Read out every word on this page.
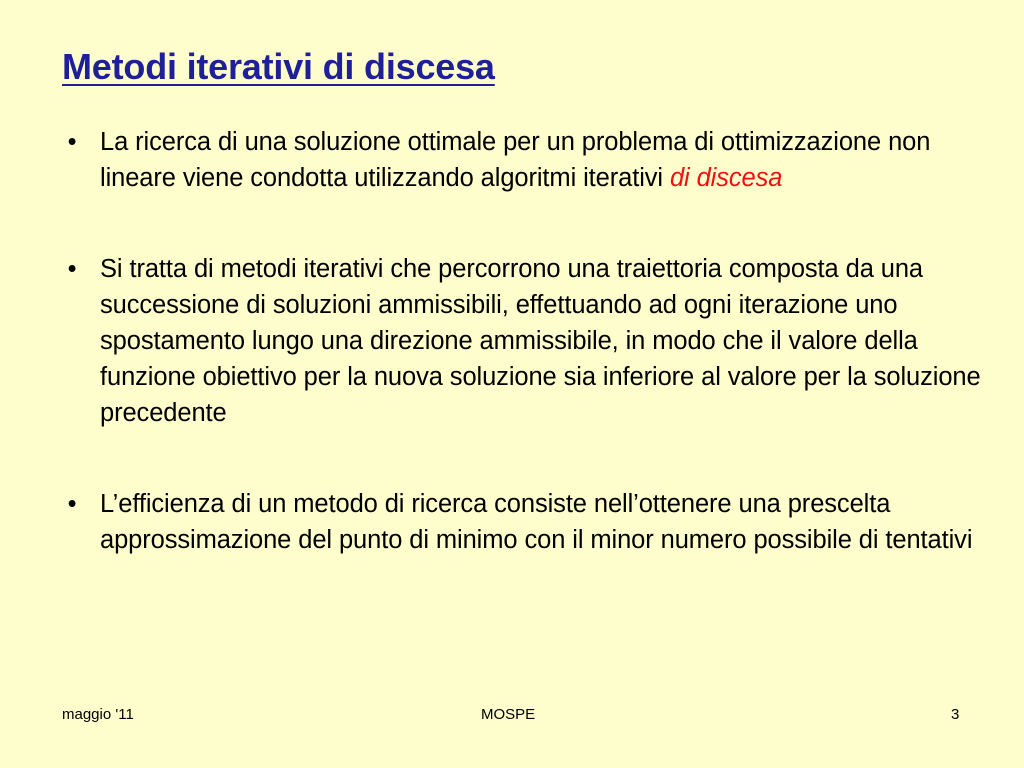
Metodi iterativi di discesa
• La ricerca di una soluzione ottimale per un problema di ottimizzazione non lineare viene condotta utilizzando algoritmi iterativi di discesa
• Si tratta di metodi iterativi che percorrono una traiettoria composta da una successione di soluzioni ammissibili, effettuando ad ogni iterazione uno spostamento lungo una direzione ammissibile, in modo che il valore della funzione obiettivo per la nuova soluzione sia inferiore al valore per la soluzione precedente
• L’efficienza di un metodo di ricerca consiste nell’ottenere una prescelta approssimazione del punto di minimo con il minor numero possibile di tentativi
maggio '11	MOSPE	3
